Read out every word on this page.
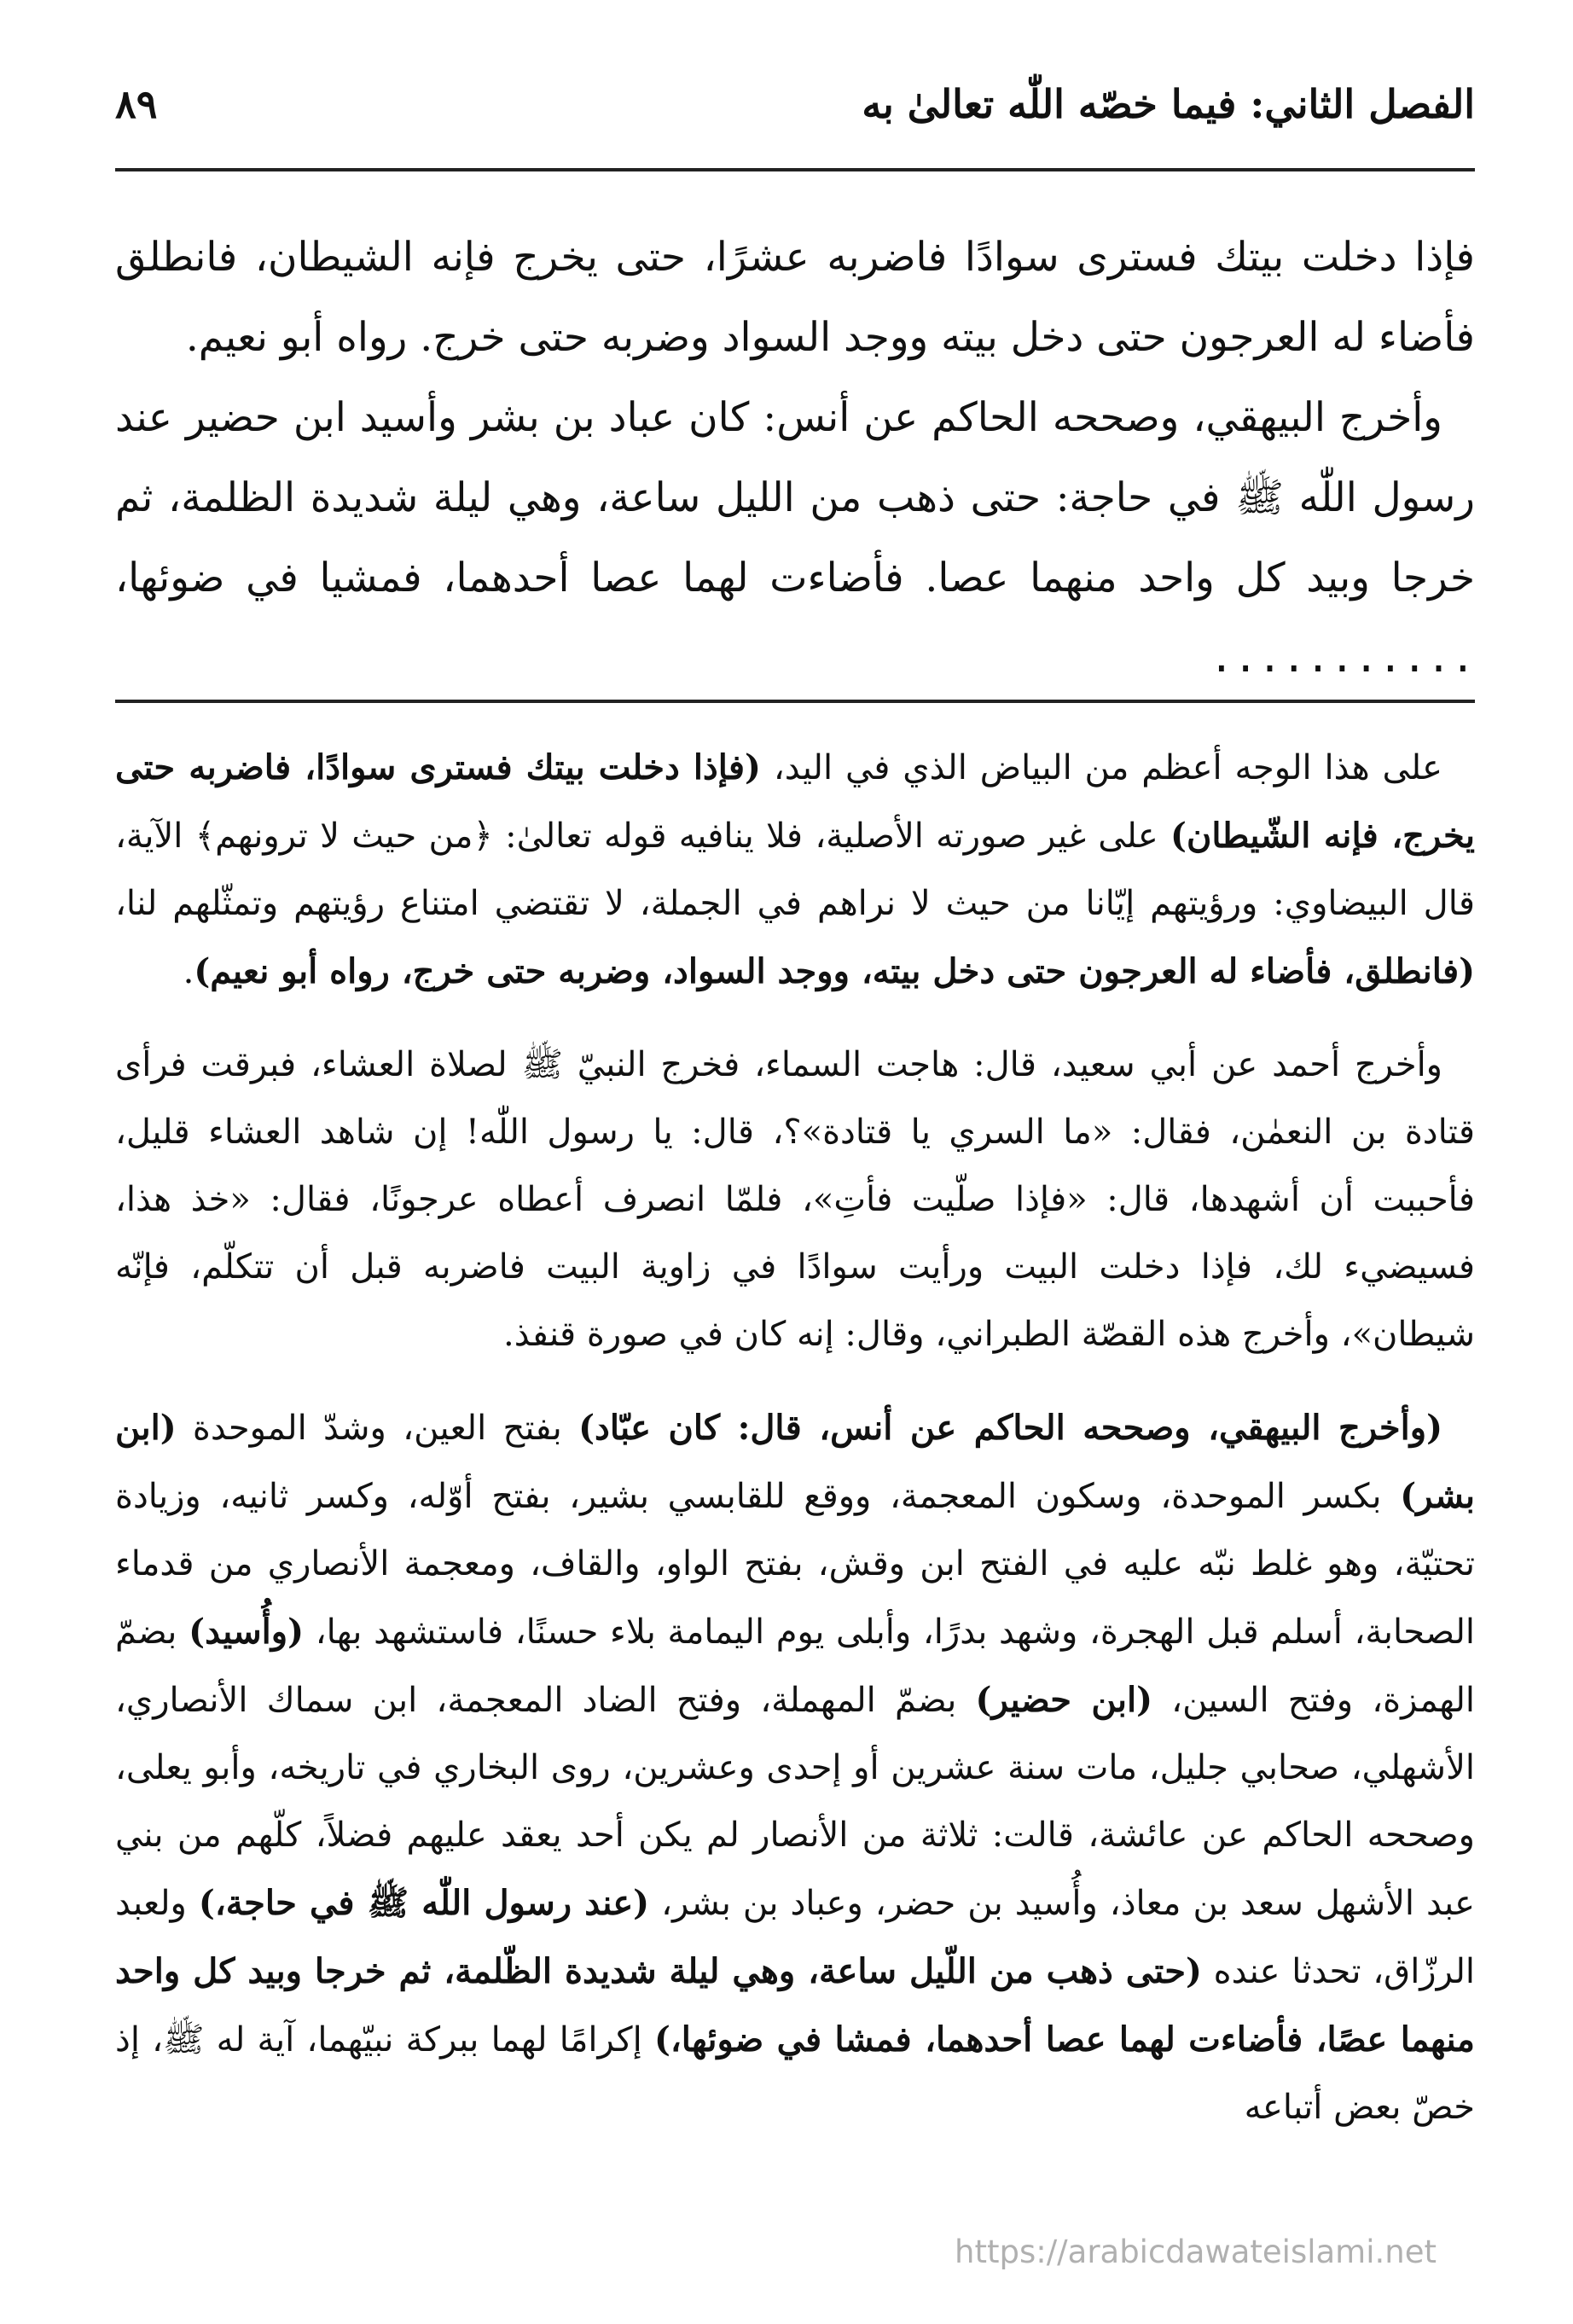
الفصل الثاني: فيما خصّه اللّٰه تعالىٰ به
٨٩

فإذا دخلت بيتك فسترى سوادًا فاضربه عشرًا، حتى يخرج فإنه الشيطان، فانطلق فأضاء له العرجون حتى دخل بيته ووجد السواد وضربه حتى خرج. رواه أبو نعيم.

وأخرج البيهقي، وصححه الحاكم عن أنس: كان عباد بن بشر وأسيد ابن حضير عند رسول اللّٰه ﷺ في حاجة: حتى ذهب من الليل ساعة، وهي ليلة شديدة الظلمة، ثم خرجا وبيد كل واحد منهما عصا. فأضاءت لهما عصا أحدهما، فمشيا في ضوئها، ...........

على هذا الوجه أعظم من البياض الذي في اليد، (فإذا دخلت بيتك فسترى سوادًا، فاضربه حتى يخرج، فإنه الشّيطان) على غير صورته الأصلية، فلا ينافيه قوله تعالىٰ: ﴿من حيث لا ترونهم﴾ الآية، قال البيضاوي: ورؤيتهم إيّانا من حيث لا نراهم في الجملة، لا تقتضي امتناع رؤيتهم وتمثّلهم لنا، (فانطلق، فأضاء له العرجون حتى دخل بيته، ووجد السواد، وضربه حتى خرج، رواه أبو نعيم).

وأخرج أحمد عن أبي سعيد، قال: هاجت السماء، فخرج النبيّ ﷺ لصلاة العشاء، فبرقت فرأى قتادة بن النعمٰن، فقال: «ما السري يا قتادة»؟، قال: يا رسول اللّٰه! إن شاهد العشاء قليل، فأحببت أن أشهدها، قال: «فإذا صلّيت فأتِ»، فلمّا انصرف أعطاه عرجونًا، فقال: «خذ هذا، فسيضيء لك، فإذا دخلت البيت ورأيت سوادًا في زاوية البيت فاضربه قبل أن تتكلّم، فإنّه شيطان»، وأخرج هذه القصّة الطبراني، وقال: إنه كان في صورة قنفذ.

(وأخرج البيهقي، وصححه الحاكم عن أنس، قال: كان عبّاد) بفتح العين، وشدّ الموحدة (ابن بشر) بكسر الموحدة، وسكون المعجمة، ووقع للقابسي بشير، بفتح أوّله، وكسر ثانيه، وزيادة تحتيّة، وهو غلط نبّه عليه في الفتح ابن وقش، بفتح الواو، والقاف، ومعجمة الأنصاري من قدماء الصحابة، أسلم قبل الهجرة، وشهد بدرًا، وأبلى يوم اليمامة بلاء حسنًا، فاستشهد بها، (وأُسيد) بضمّ الهمزة، وفتح السين، (ابن حضير) بضمّ المهملة، وفتح الضاد المعجمة، ابن سماك الأنصاري، الأشهلي، صحابي جليل، مات سنة عشرين أو إحدى وعشرين، روى البخاري في تاريخه، وأبو يعلى، وصححه الحاكم عن عائشة، قالت: ثلاثة من الأنصار لم يكن أحد يعقد عليهم فضلاً، كلّهم من بني عبد الأشهل سعد بن معاذ، وأُسيد بن حضر، وعباد بن بشر، (عند رسول اللّٰه ﷺ في حاجة،) ولعبد الرزّاق، تحدثا عنده (حتى ذهب من اللّيل ساعة، وهي ليلة شديدة الظّلمة، ثم خرجا وبيد كل واحد منهما عصًا، فأضاءت لهما عصا أحدهما، فمشا في ضوئها،) إكرامًا لهما ببركة نبيّهما، آية له ﷺ، إذ خصّ بعض أتباعه

https://arabicdawateislami.net
